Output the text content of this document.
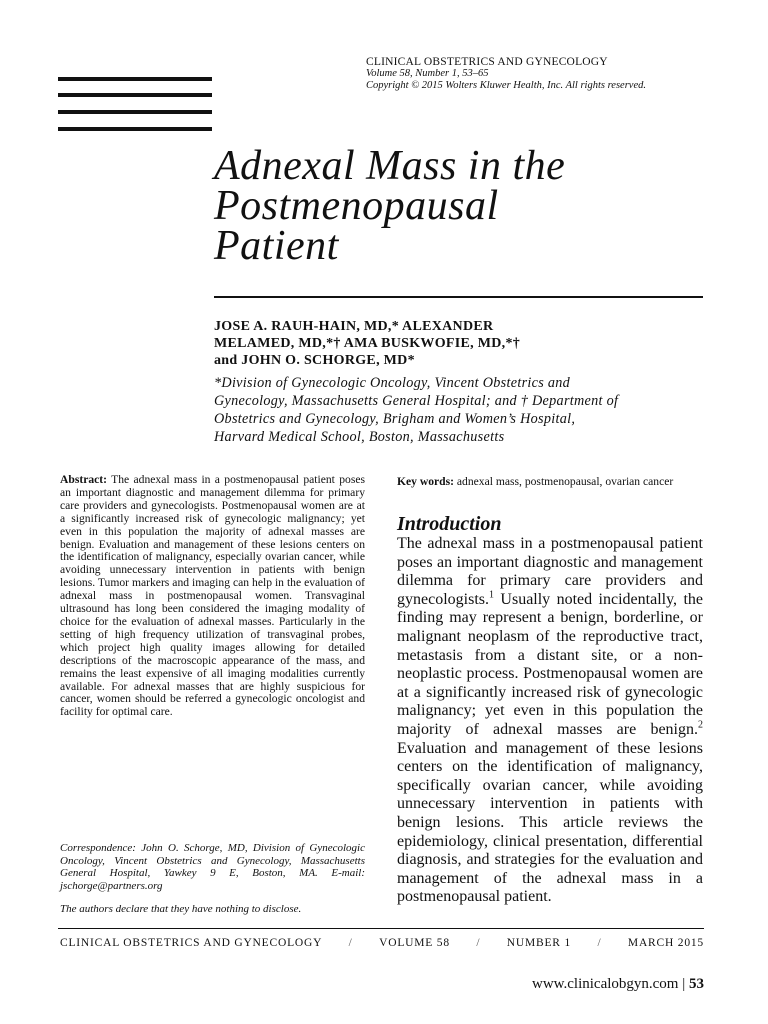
CLINICAL OBSTETRICS AND GYNECOLOGY
Volume 58, Number 1, 53–65
Copyright © 2015 Wolters Kluwer Health, Inc. All rights reserved.
Adnexal Mass in the
Postmenopausal
Patient
JOSE A. RAUH-HAIN, MD,* ALEXANDER
MELAMED, MD,*† AMA BUSKWOFIE, MD,*†
and JOHN O. SCHORGE, MD*
*Division of Gynecologic Oncology, Vincent Obstetrics and
Gynecology, Massachusetts General Hospital; and † Department of
Obstetrics and Gynecology, Brigham and Women’s Hospital,
Harvard Medical School, Boston, Massachusetts
Abstract: The adnexal mass in a postmenopausal patient poses an important diagnostic and management dilemma for primary care providers and gynecologists. Postmenopausal women are at a significantly increased risk of gynecologic malignancy; yet even in this population the majority of adnexal masses are benign. Evaluation and management of these lesions centers on the identification of malignancy, especially ovarian cancer, while avoiding unnecessary intervention in patients with benign lesions. Tumor markers and imaging can help in the evaluation of adnexal mass in postmenopausal women. Transvaginal ultrasound has long been considered the imaging modality of choice for the evaluation of adnexal masses. Particularly in the setting of high frequency utilization of transvaginal probes, which project high quality images allowing for detailed descriptions of the macroscopic appearance of the mass, and remains the least expensive of all imaging modalities currently available. For adnexal masses that are highly suspicious for cancer, women should be referred a gynecologic oncologist and facility for optimal care.
Key words: adnexal mass, postmenopausal, ovarian cancer
Introduction
The adnexal mass in a postmenopausal patient poses an important diagnostic and management dilemma for primary care providers and gynecologists.$^1$ Usually noted incidentally, the finding may represent a benign, borderline, or malignant neoplasm of the reproductive tract, metastasis from a distant site, or a non-neoplastic process. Postmenopausal women are at a significantly increased risk of gynecologic malignancy; yet even in this population the majority of adnexal masses are benign.$^2$ Evaluation and management of these lesions centers on the identification of malignancy, specifically ovarian cancer, while avoiding unnecessary intervention in patients with benign lesions. This article reviews the epidemiology, clinical presentation, differential diagnosis, and strategies for the evaluation and management of the adnexal mass in a postmenopausal patient.
Correspondence: John O. Schorge, MD, Division of Gynecologic Oncology, Vincent Obstetrics and Gynecology, Massachusetts General Hospital, Yawkey 9 E, Boston, MA. E-mail: jschorge@partners.org
The authors declare that they have nothing to disclose.
CLINICAL OBSTETRICS AND GYNECOLOGY / VOLUME 58 / NUMBER 1 / MARCH 2015
www.clinicalobgyn.com | 53
